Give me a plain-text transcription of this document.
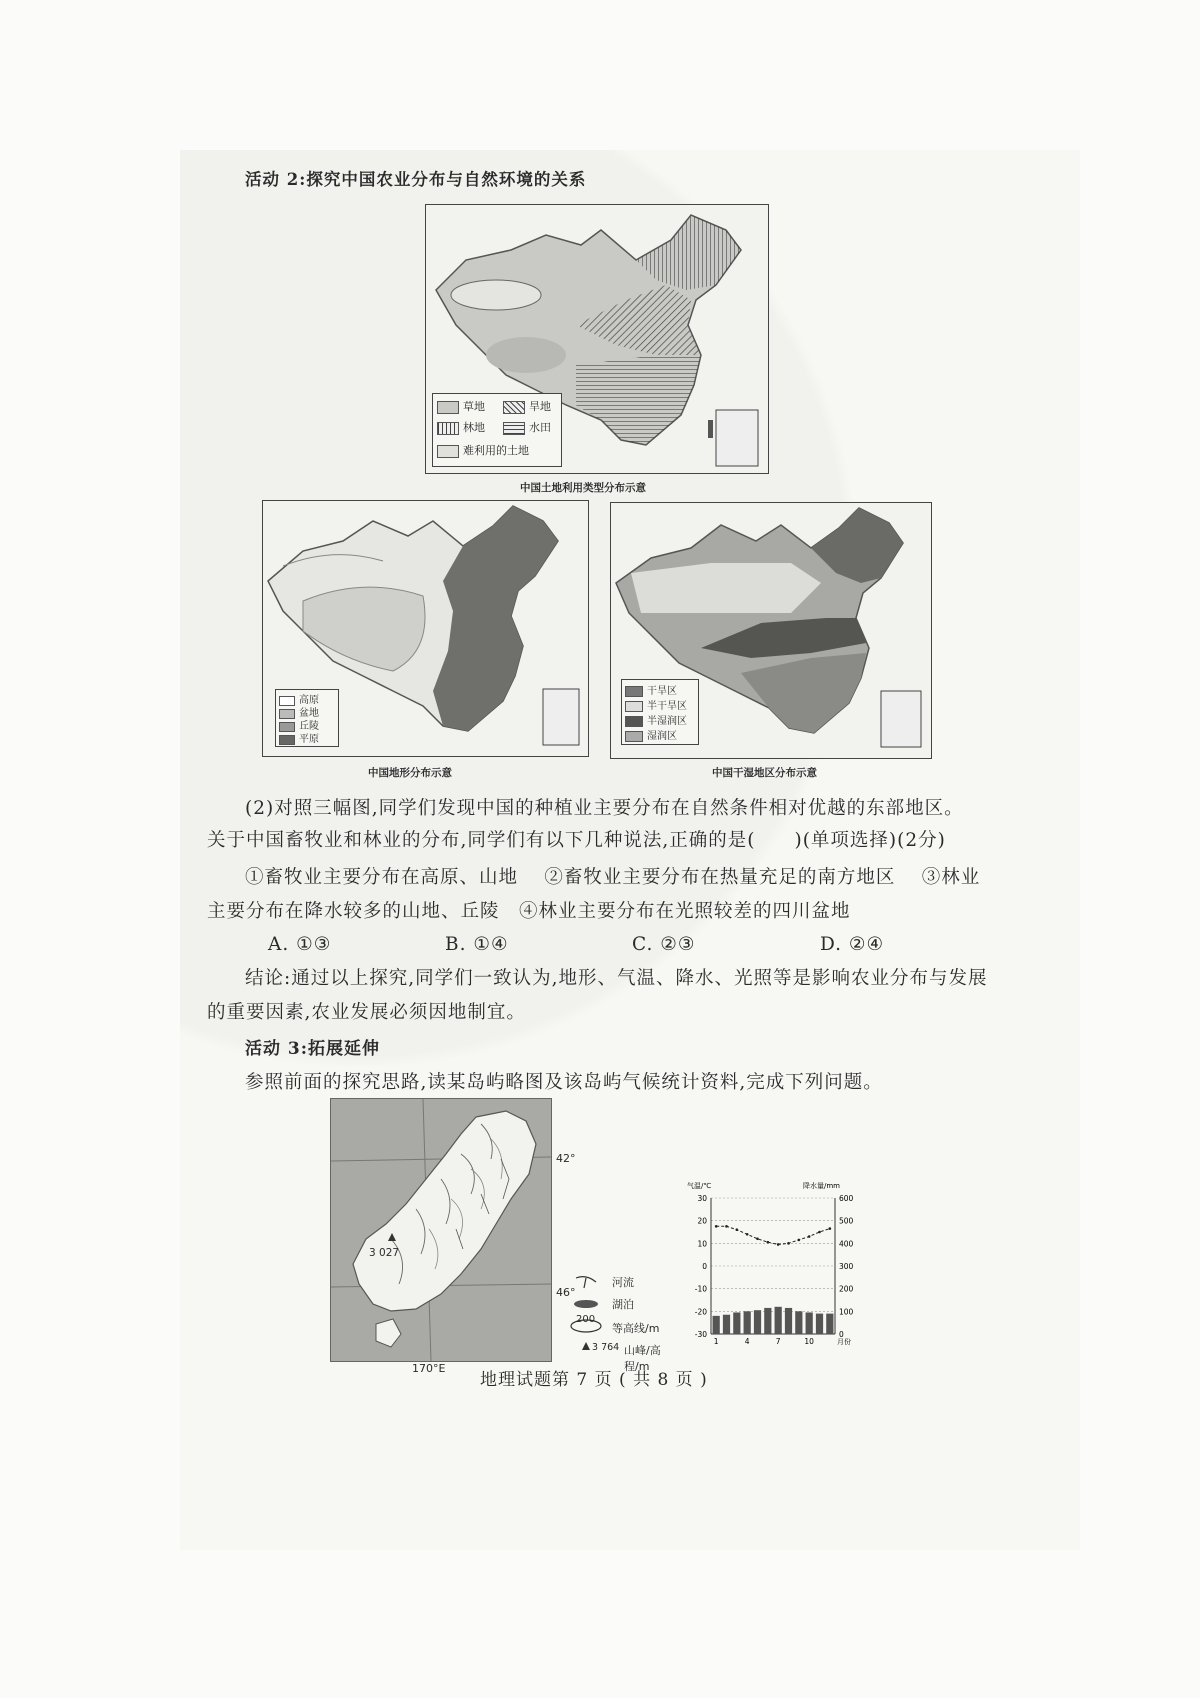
活动 2:探究中国农业分布与自然环境的关系
草地	旱地
林地	水田
难利用的土地
中国土地利用类型分布示意
高原
盆地
丘陵
平原
中国地形分布示意
干旱区
半干旱区
半湿润区
湿润区
中国干湿地区分布示意
(2)对照三幅图,同学们发现中国的种植业主要分布在自然条件相对优越的东部地区。
关于中国畜牧业和林业的分布,同学们有以下几种说法,正确的是(　　)(单项选择)(2分)
①畜牧业主要分布在高原、山地　 ②畜牧业主要分布在热量充足的南方地区　 ③林业
主要分布在降水较多的山地、丘陵　④林业主要分布在光照较差的四川盆地
A. ①③	B. ①④	C. ②③	D. ②④
结论:通过以上探究,同学们一致认为,地形、气温、降水、光照等是影响农业分布与发展
的重要因素,农业发展必须因地制宜。
活动 3:拓展延伸
参照前面的探究思路,读某岛屿略图及该岛屿气候统计资料,完成下列问题。
3 027
42°
46°
170°E
河流
湖泊
200
等高线/m
3 764 山峰/高程/m
气温/℃	降水量/mm
30
20
10
0
-10
-20
-30
600
500
400
300
200
100
0
1	4	7	10	月份
地理试题第 7 页 ( 共 8 页 )
